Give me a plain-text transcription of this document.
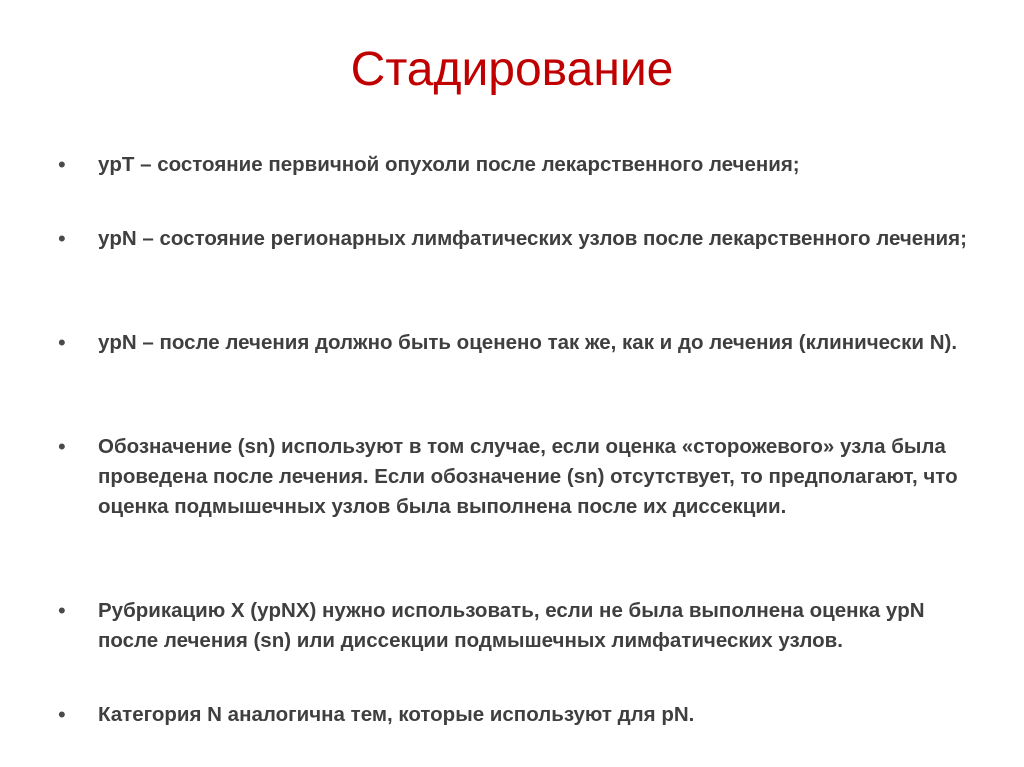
Стадирование
• ypT – состояние первичной опухоли после лекарственного лечения;
• ypN – состояние регионарных лимфатических узлов после лекарственного лечения;
• ypN – после лечения должно быть оценено так же, как и до лечения (клинически N).
• Обозначение (sn) используют в том случае, если оценка «сторожевого» узла была проведена после лечения. Если обозначение (sn) отсутствует, то предполагают, что оценка подмышечных узлов была выполнена после их диссекции.
• Рубрикацию X (ypNX) нужно использовать, если не была выполнена оценка ypN после лечения (sn) или диссекции подмышечных лимфатических узлов.
• Категория N аналогична тем, которые используют для pN.
